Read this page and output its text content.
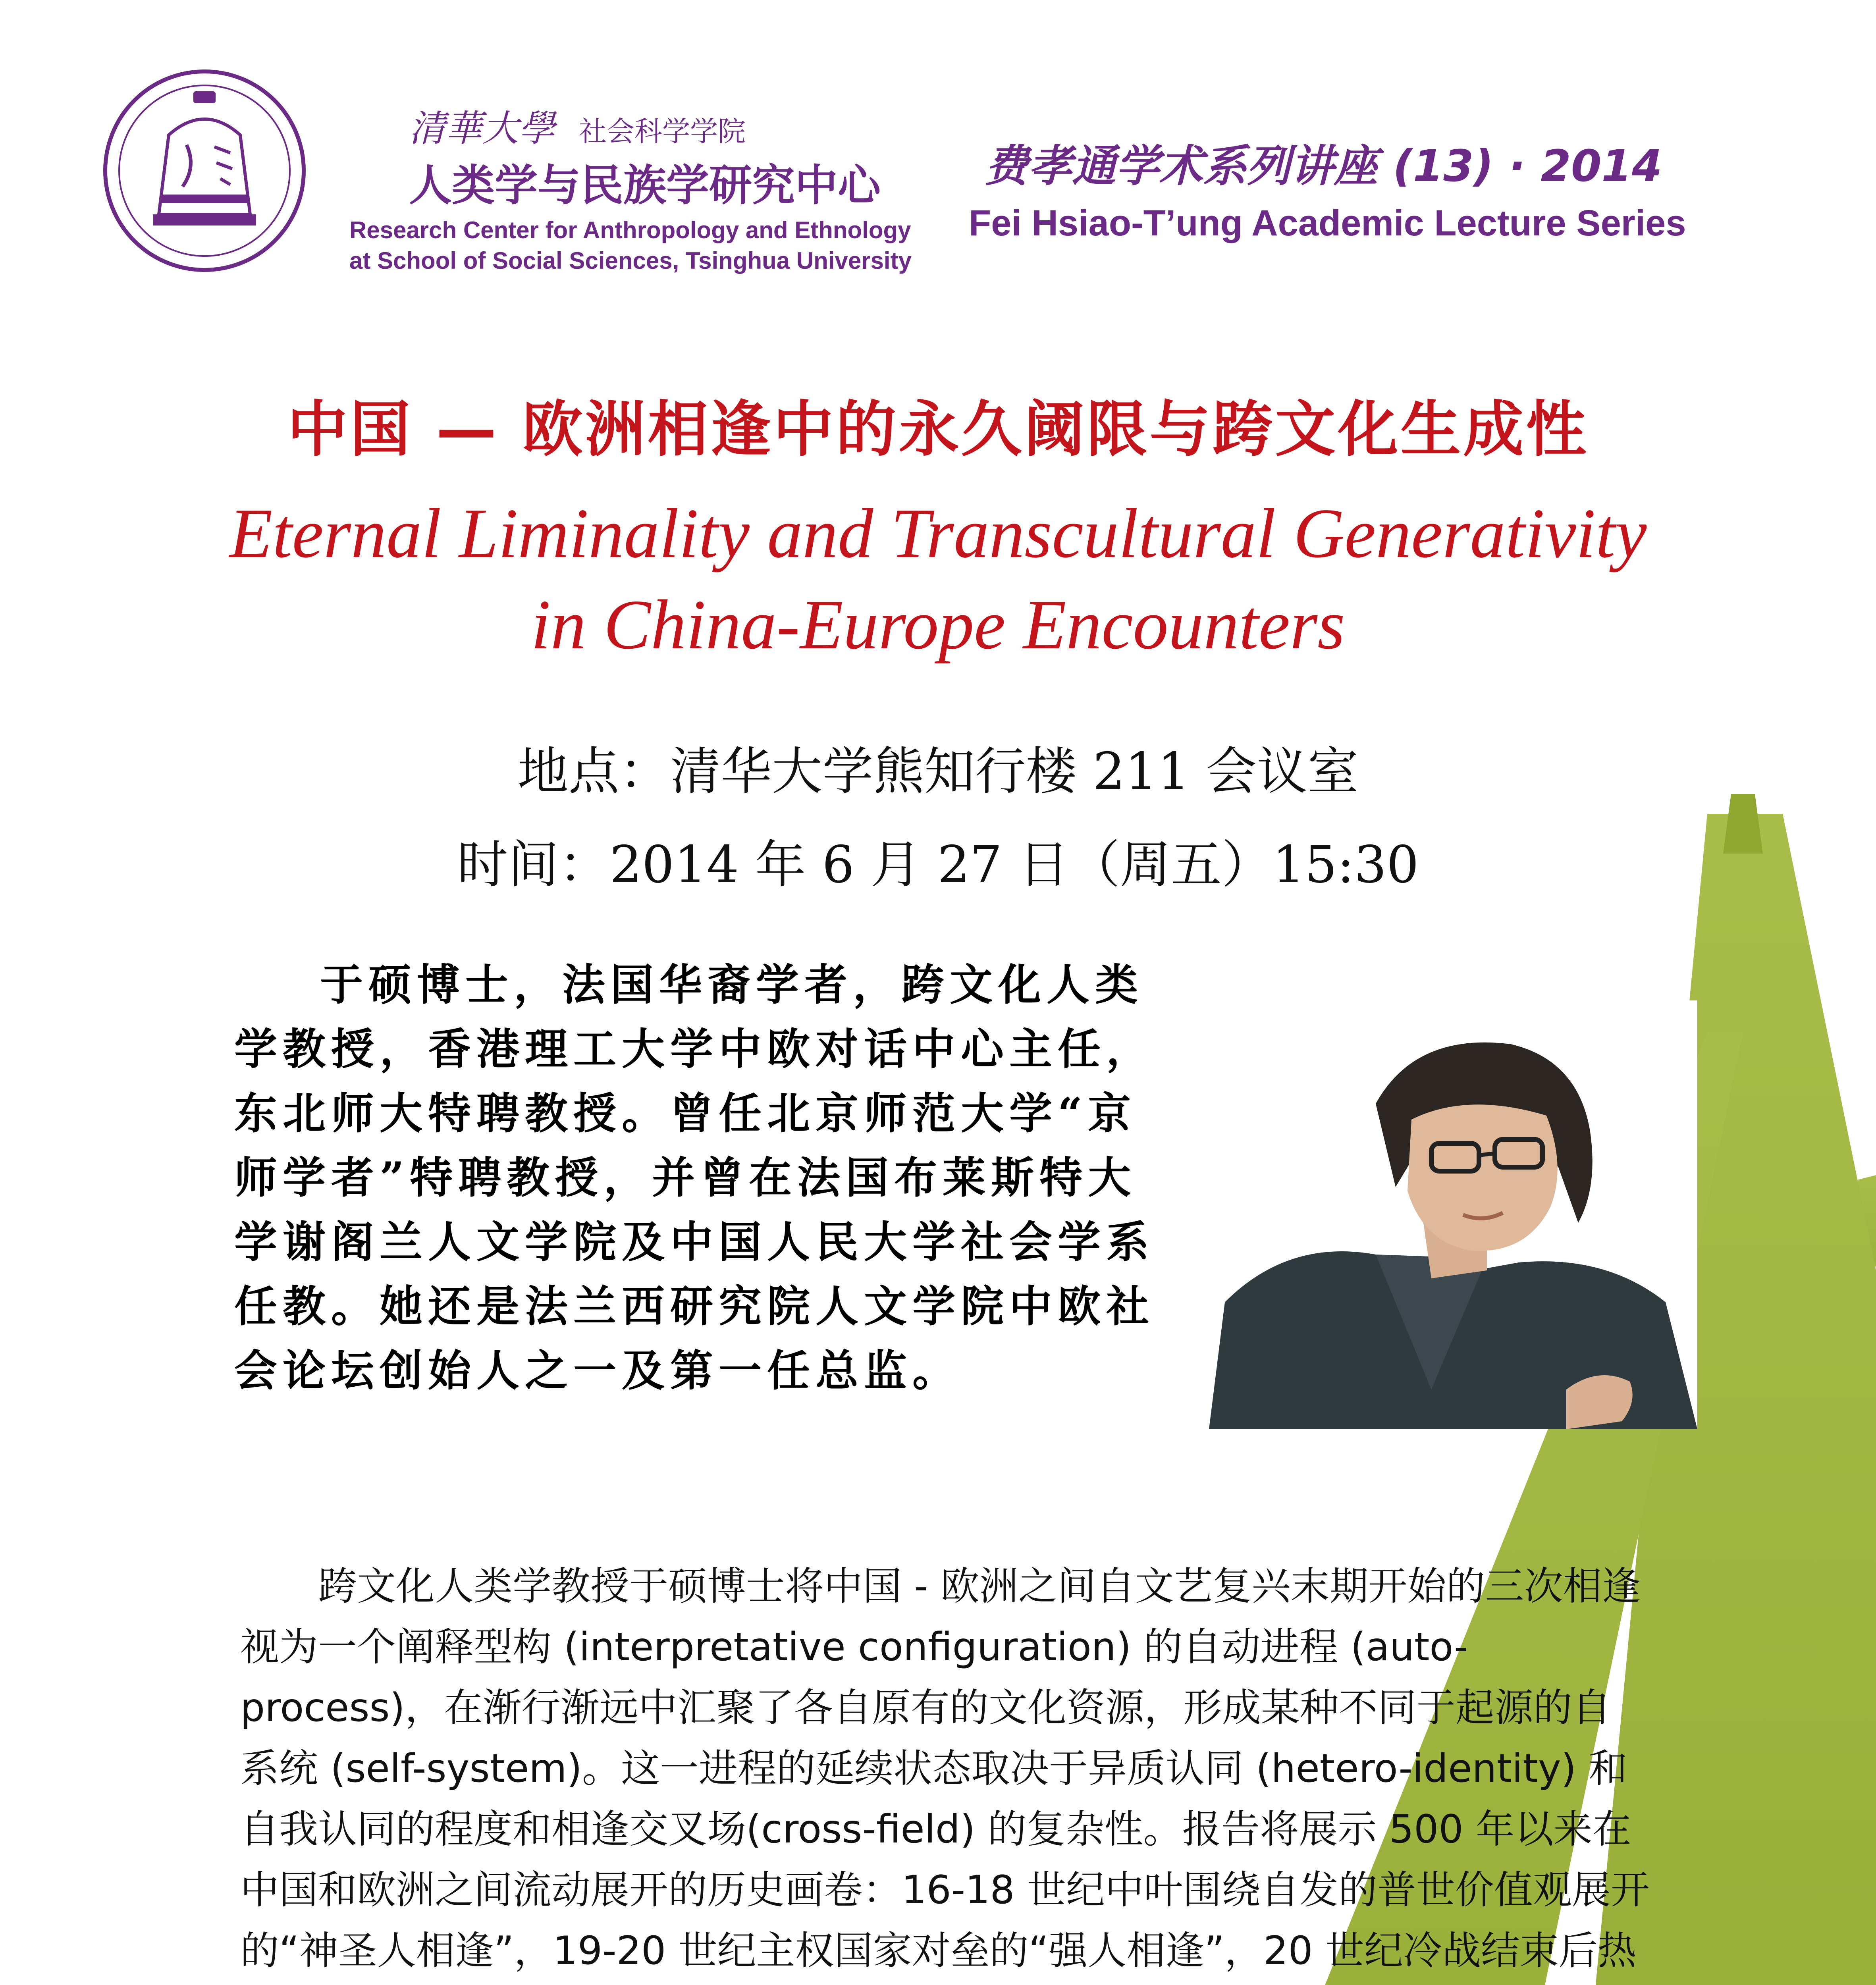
清華大學 社会科学学院
人类学与民族学研究中心
Research Center for Anthropology and Ethnology
at School of Social Sciences, Tsinghua University
费孝通学术系列讲座 (13) · 2014
Fei Hsiao-T’ung Academic Lecture Series
中国 — 欧洲相逢中的永久阈限与跨文化生成性
Eternal Liminality and Transcultural Generativity
in China-Europe Encounters
地点：清华大学熊知行楼 211 会议室
时间：2014 年 6 月 27 日（周五）15:30

于硕博士，法国华裔学者，跨文化人类学教授，香港理工大学中欧对话中心主任，东北师大特聘教授。曾任北京师范大学“京师学者”特聘教授，并曾在法国布莱斯特大学谢阁兰人文学院及中国人民大学社会学系任教。她还是法兰西研究院人文学院中欧社会论坛创始人之一及第一任总监。

跨文化人类学教授于硕博士将中国 - 欧洲之间自文艺复兴末期开始的三次相逢视为一个阐释型构 (interpretative configuration) 的自动进程 (auto-process)，在渐行渐远中汇聚了各自原有的文化资源，形成某种不同于起源的自系统 (self-system)。这一进程的延续状态取决于异质认同 (hetero-identity) 和自我认同的程度和相逢交叉场(cross-field) 的复杂性。报告将展示 500 年以来在中国和欧洲之间流动展开的历史画卷：16-18 世纪中叶围绕自发的普世价值观展开的“神圣人相逢”，19-20 世纪主权国家对垒的“强人相逢”，20 世纪冷战结束后热
